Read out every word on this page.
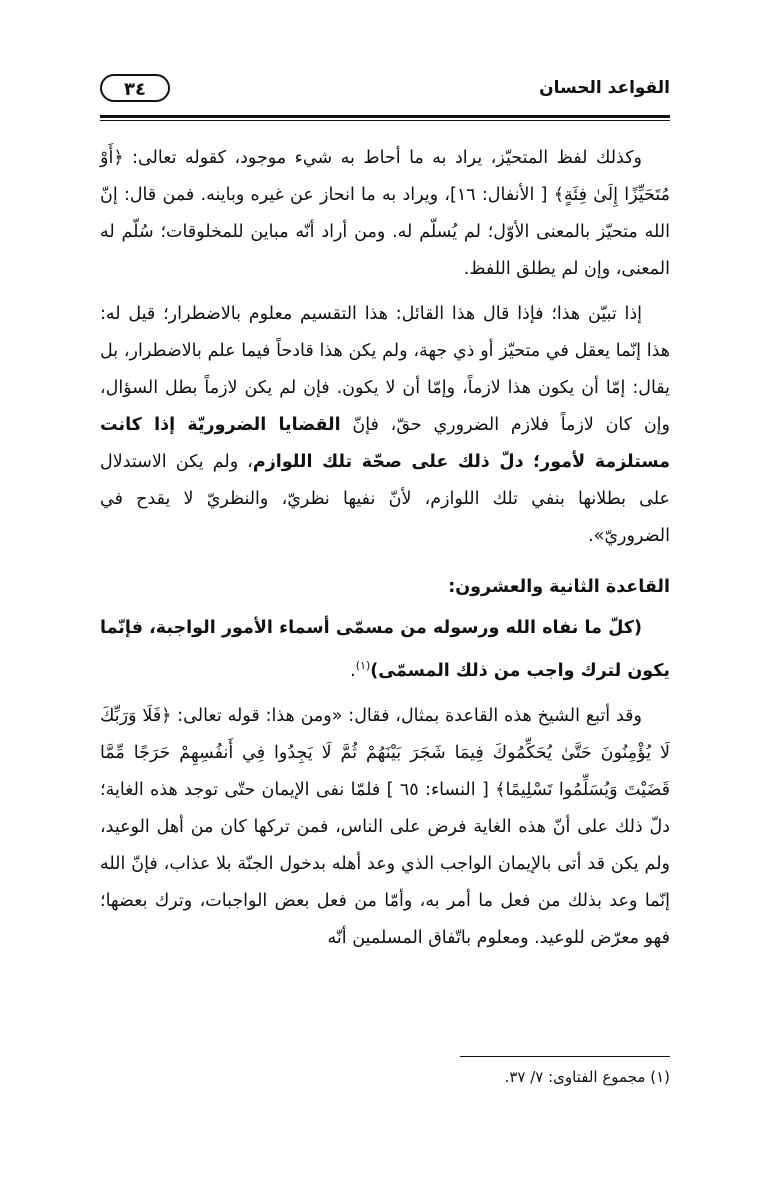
٣٤	القواعد الحسان

وكذلك لفظ المتحيّز، يراد به ما أحاط به شيء موجود، كقوله تعالى: ﴿أَوْ مُتَحَيِّزًا إِلَىٰ فِئَةٍ﴾ [ الأنفال: ١٦]، ويراد به ما انحاز عن غيره وباينه. فمن قال: إنّ الله متحيّز بالمعنى الأوّل؛ لم يُسلّم له. ومن أراد أنّه مباين للمخلوقات؛ سُلّم له المعنى، وإن لم يطلق اللفظ.

إذا تبيّن هذا؛ فإذا قال هذا القائل: هذا التقسيم معلوم بالاضطرار؛ قيل له: هذا إنّما يعقل في متحيّز أو ذي جهة، ولم يكن هذا قادحاً فيما علم بالاضطرار، بل يقال: إمّا أن يكون هذا لازماً، وإمّا أن لا يكون. فإن لم يكن لازماً بطل السؤال، وإن كان لازماً فلازم الضروري حقّ، فإنّ القضايا الضروريّة إذا كانت مستلزمة لأمور؛ دلّ ذلك على صحّة تلك اللوازم، ولم يكن الاستدلال على بطلانها بنفي تلك اللوازم، لأنّ نفيها نظريّ، والنظريّ لا يقدح في الضروريّ».

القاعدة الثانية والعشرون:

(كلّ ما نفاه الله ورسوله من مسمّى أسماء الأمور الواجبة، فإنّما يكون لترك واجب من ذلك المسمّى)$^{(١)}$.

وقد أتبع الشيخ هذه القاعدة بمثال، فقال: «ومن هذا: قوله تعالى: ﴿فَلَا وَرَبِّكَ لَا يُؤْمِنُونَ حَتَّىٰ يُحَكِّمُوكَ فِيمَا شَجَرَ بَيْنَهُمْ ثُمَّ لَا يَجِدُوا فِي أَنفُسِهِمْ حَرَجًا مِّمَّا قَضَيْتَ وَيُسَلِّمُوا تَسْلِيمًا﴾ [ النساء: ٦٥ ] فلمّا نفى الإيمان حتّى توجد هذه الغاية؛ دلّ ذلك على أنّ هذه الغاية فرض على الناس، فمن تركها كان من أهل الوعيد، ولم يكن قد أتى بالإيمان الواجب الذي وعد أهله بدخول الجنّة بلا عذاب، فإنّ الله إنّما وعد بذلك من فعل ما أمر به، وأمّا من فعل بعض الواجبات، وترك بعضها؛ فهو معرّض للوعيد. ومعلوم باتّفاق المسلمين أنّه

(١) مجموع الفتاوى: ٧/ ٣٧.
